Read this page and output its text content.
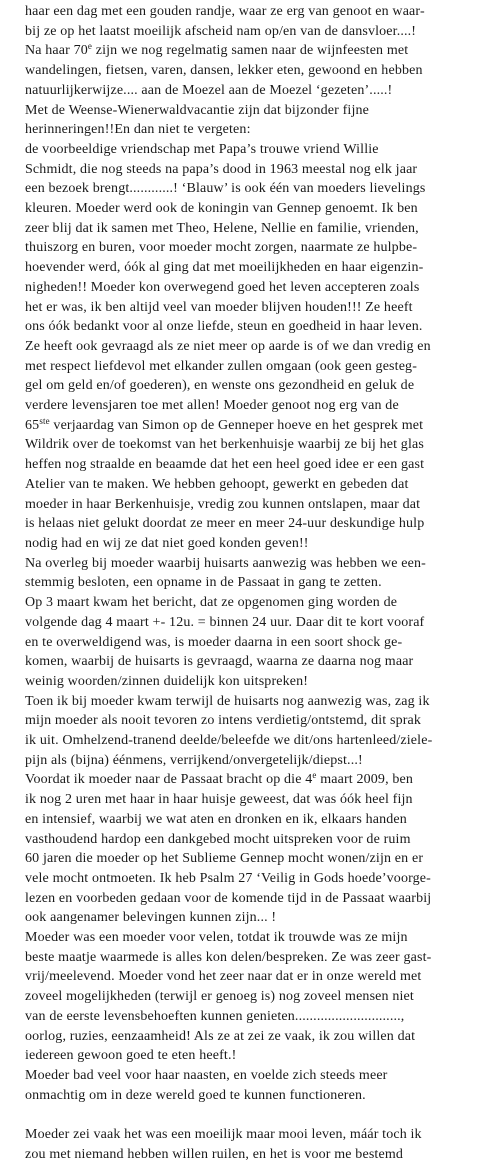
haar een dag met een gouden randje, waar ze erg van genoot en waar-
bij ze op het laatst moeilijk afscheid nam op/en van de dansvloer....!
Na haar 70e zijn we nog regelmatig samen naar de wijnfeesten met
wandelingen, fietsen, varen, dansen, lekker eten, gewoond en hebben
natuurlijkerwijze.... aan de Moezel aan de Moezel ‘gezeten’.....!
Met de Weense-Wienerwaldvacantie zijn dat bijzonder fijne
herinneringen!!En dan niet te vergeten:
de voorbeeldige vriendschap met Papa’s trouwe vriend Willie
Schmidt, die nog steeds na papa’s dood in 1963 meestal nog elk jaar
een bezoek brengt............! ‘Blauw’ is ook één van moeders lievelings
kleuren. Moeder werd ook de koningin van Gennep genoemt. Ik ben
zeer blij dat ik samen met Theo, Helene, Nellie en familie, vrienden,
thuiszorg en buren, voor moeder mocht zorgen, naarmate ze hulpbe-
hoevender werd, óók al ging dat met moeilijkheden en haar eigenzin-
nigheden!! Moeder kon overwegend goed het leven accepteren zoals
het er was, ik ben altijd veel van moeder blijven houden!!! Ze heeft
ons óók bedankt voor al onze liefde, steun en goedheid in haar leven.
Ze heeft ook gevraagd als ze niet meer op aarde is of we dan vredig en
met respect liefdevol met elkander zullen omgaan (ook geen gesteg-
gel om geld en/of goederen), en wenste ons gezondheid en geluk de
verdere levensjaren toe met allen! Moeder genoot nog erg van de
65ste verjaardag van Simon op de Genneper hoeve en het gesprek met
Wildrik over de toekomst van het berkenhuisje waarbij ze bij het glas
heffen nog straalde en beaamde dat het een heel goed idee er een gast
Atelier van te maken. We hebben gehoopt, gewerkt en gebeden dat
moeder in haar Berkenhuisje, vredig zou kunnen ontslapen, maar dat
is helaas niet gelukt doordat ze meer en meer 24-uur deskundige hulp
nodig had en wij ze dat niet goed konden geven!!
Na overleg bij moeder waarbij huisarts aanwezig was hebben we een-
stemmig besloten, een opname in de Passaat in gang te zetten.
Op 3 maart kwam het bericht, dat ze opgenomen ging worden de
volgende dag 4 maart +- 12u. = binnen 24 uur. Daar dit te kort vooraf
en te overweldigend was, is moeder daarna in een soort shock ge-
komen, waarbij de huisarts is gevraagd, waarna ze daarna nog maar
weinig woorden/zinnen duidelijk kon uitspreken!
Toen ik bij moeder kwam terwijl de huisarts nog aanwezig was, zag ik
mijn moeder als nooit tevoren zo intens verdietig/ontstemd, dit sprak
ik uit. Omhelzend-tranend deelde/beleefde we dit/ons hartenleed/ziele-
pijn als (bijna) éénmens, verrijkend/onvergetelijk/diepst...!
Voordat ik moeder naar de Passaat bracht op die 4e maart 2009, ben
ik nog 2 uren met haar in haar huisje geweest, dat was óók heel fijn
en intensief, waarbij we wat aten en dronken en ik, elkaars handen
vasthoudend hardop een dankgebed mocht uitspreken voor de ruim
60 jaren die moeder op het Sublieme Gennep mocht wonen/zijn en er
vele mocht ontmoeten. Ik heb Psalm 27 ‘Veilig in Gods hoede’voorge-
lezen en voorbeden gedaan voor de komende tijd in de Passaat waarbij
ook aangenamer belevingen kunnen zijn... !
Moeder was een moeder voor velen, totdat ik trouwde was ze mijn
beste maatje waarmede is alles kon delen/bespreken. Ze was zeer gast-
vrij/meelevend. Moeder vond het zeer naar dat er in onze wereld met
zoveel mogelijkheden (terwijl er genoeg is) nog zoveel mensen niet
van de eerste levensbehoeften kunnen genieten.............................,
oorlog, ruzies, eenzaamheid! Als ze at zei ze vaak, ik zou willen dat
iedereen gewoon goed te eten heeft.!
Moeder bad veel voor haar naasten, en voelde zich steeds meer
onmachtig om in deze wereld goed te kunnen functioneren.
Moeder zei vaak het was een moeilijk maar mooi leven, máár toch ik
zou met niemand hebben willen ruilen, en het is voor me bestemd
